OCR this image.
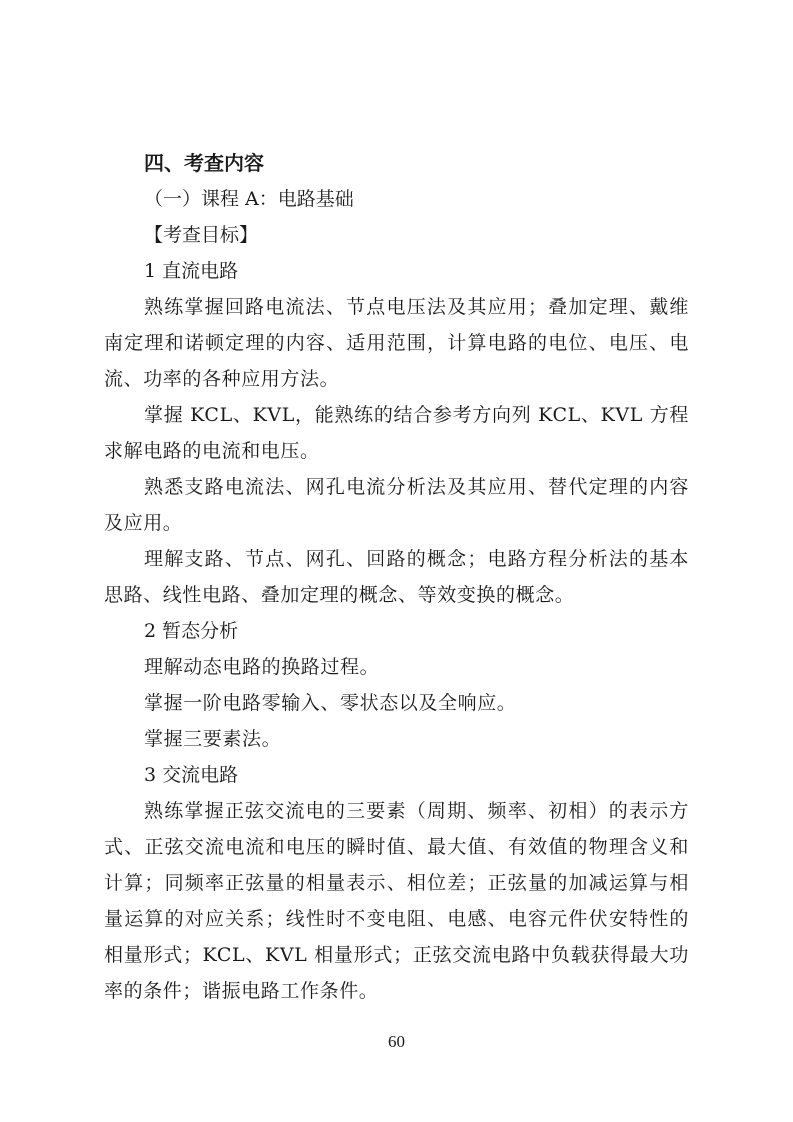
四、考查内容
（一）课程 A：电路基础
【考查目标】
1 直流电路

熟练掌握回路电流法、节点电压法及其应用；叠加定理、戴维南定理和诺顿定理的内容、适用范围，计算电路的电位、电压、电流、功率的各种应用方法。

掌握 KCL、KVL，能熟练的结合参考方向列 KCL、KVL 方程求解电路的电流和电压。

熟悉支路电流法、网孔电流分析法及其应用、替代定理的内容及应用。

理解支路、节点、网孔、回路的概念；电路方程分析法的基本思路、线性电路、叠加定理的概念、等效变换的概念。

2 暂态分析

理解动态电路的换路过程。

掌握一阶电路零输入、零状态以及全响应。

掌握三要素法。

3 交流电路

熟练掌握正弦交流电的三要素（周期、频率、初相）的表示方式、正弦交流电流和电压的瞬时值、最大值、有效值的物理含义和计算；同频率正弦量的相量表示、相位差；正弦量的加减运算与相量运算的对应关系；线性时不变电阻、电感、电容元件伏安特性的相量形式；KCL、KVL 相量形式；正弦交流电路中负载获得最大功率的条件；谐振电路工作条件。

60
